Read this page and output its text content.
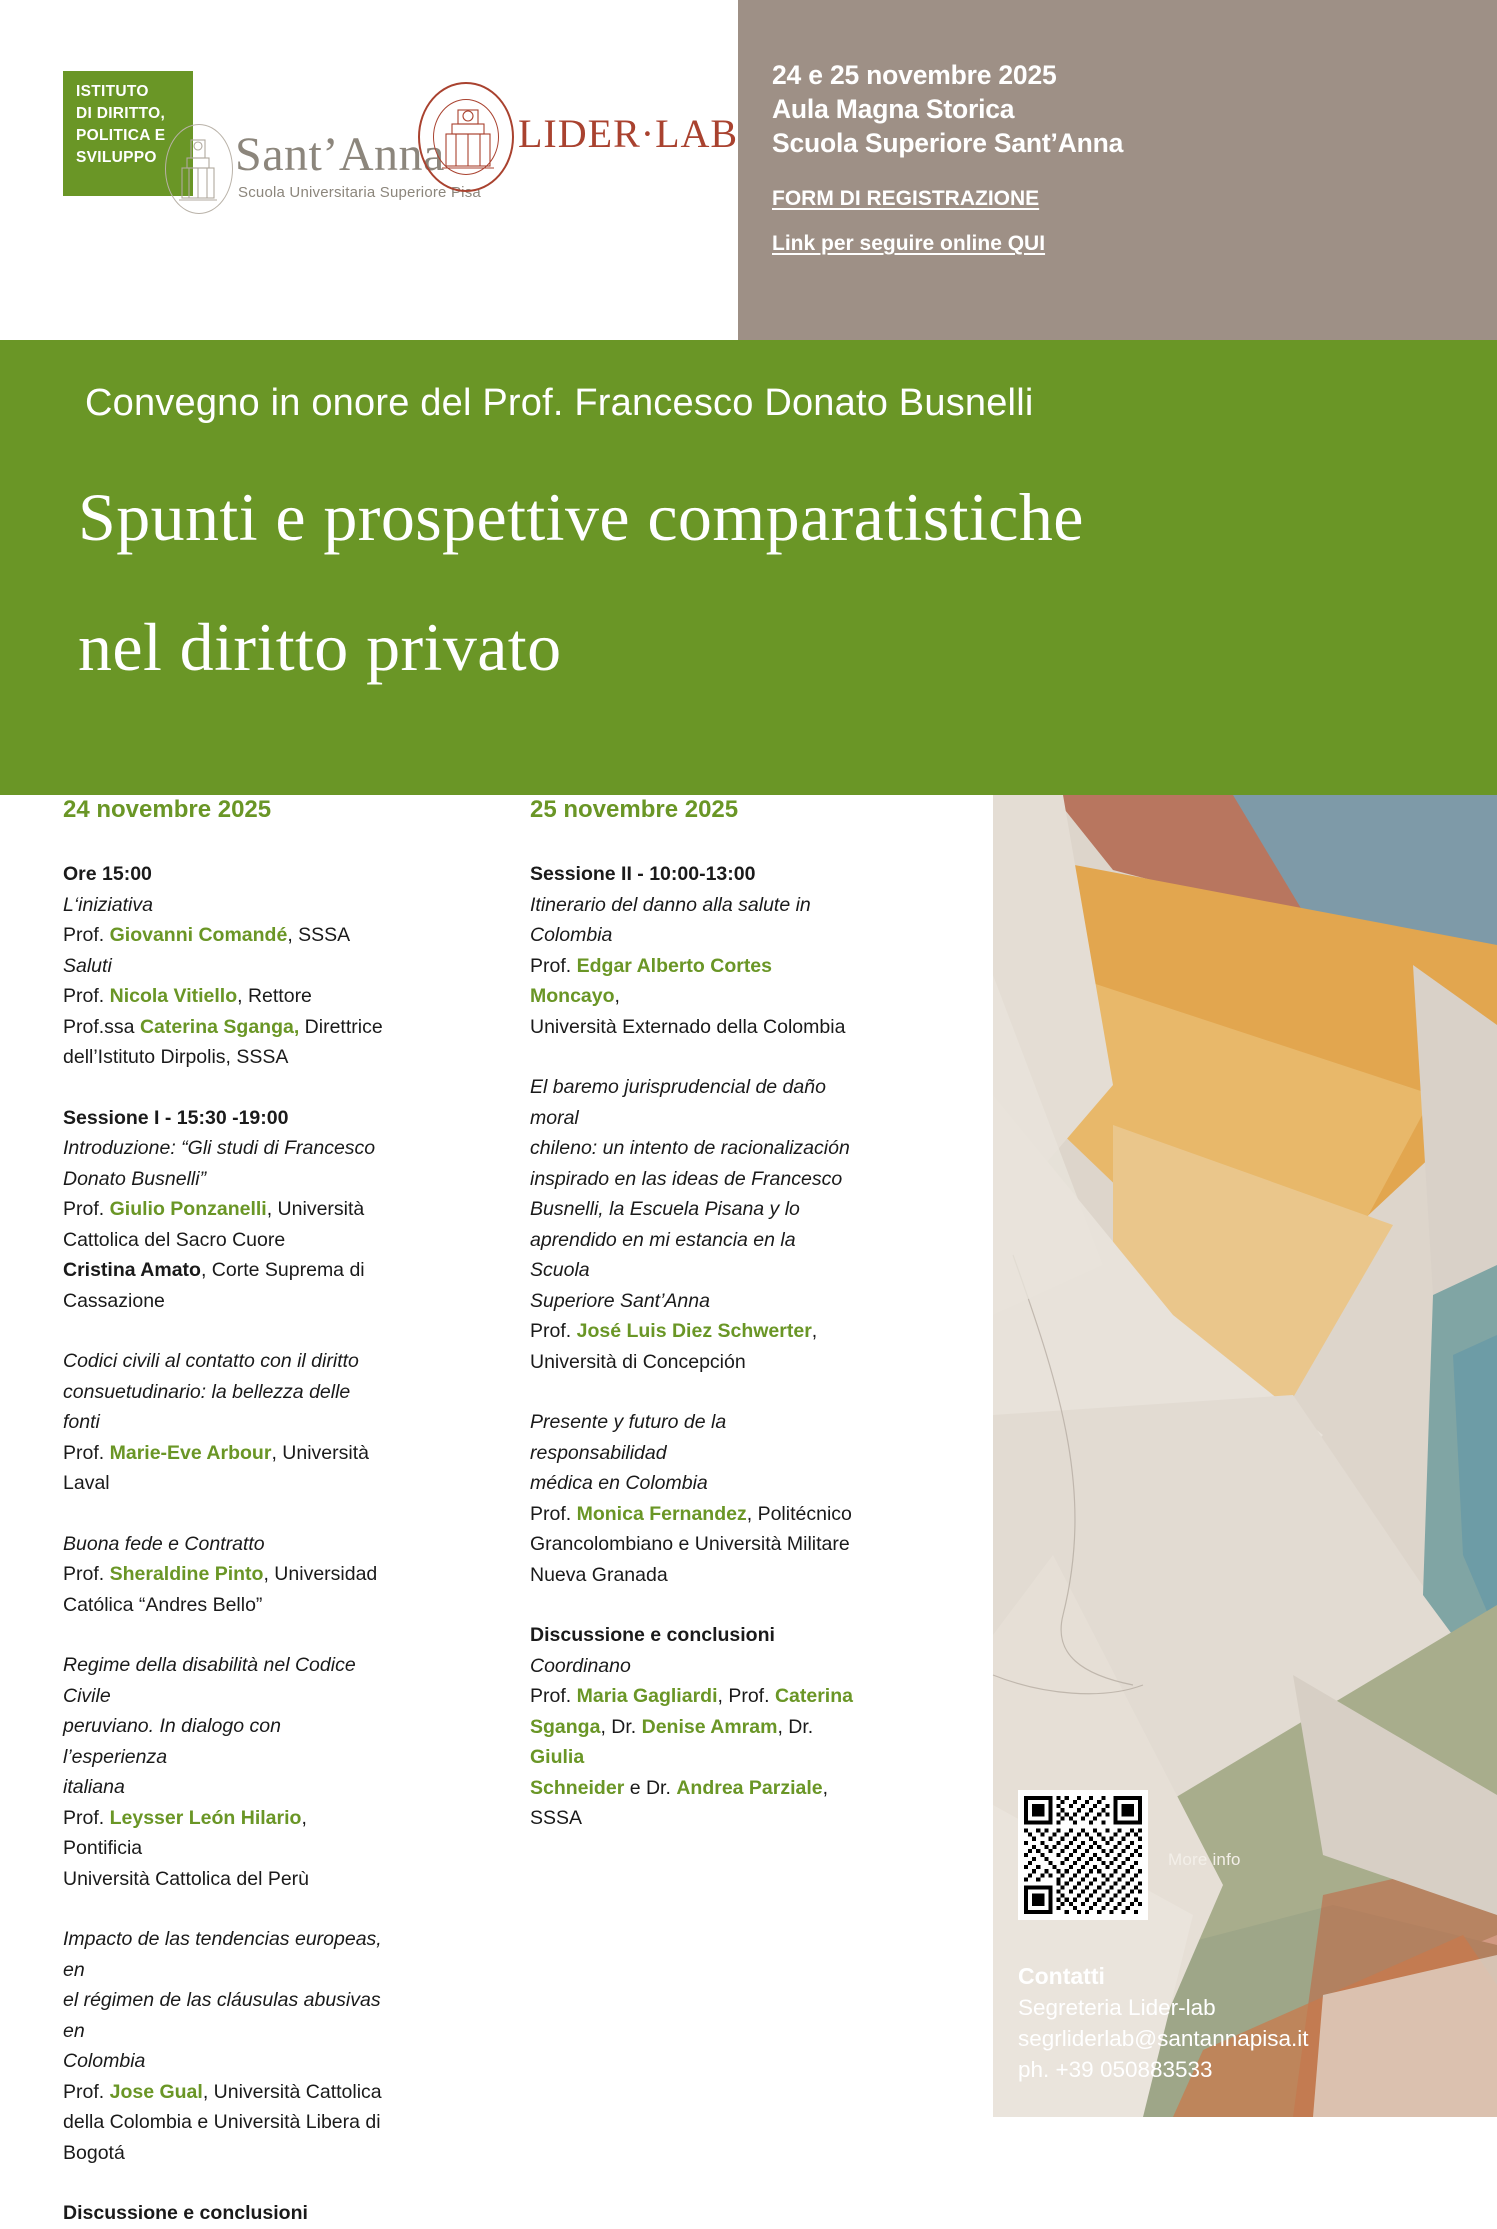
ISTITUTO
DI DIRITTO,
POLITICA E
SVILUPPO	Sant’Anna
Scuola Universitaria Superiore Pisa
LIDER·LAB
24 e 25 novembre 2025
Aula Magna Storica
Scuola Superiore Sant’Anna
FORM DI REGISTRAZIONE
Link per seguire online QUI
Convegno in onore del Prof. Francesco Donato Busnelli
Spunti e prospettive comparatistiche
nel diritto privato
24 novembre 2025
Ore 15:00
L‘iniziativa
Prof. Giovanni Comandé, SSSA
Saluti
Prof. Nicola Vitiello, Rettore
Prof.ssa Caterina Sganga, Direttrice
dell’Istituto Dirpolis, SSSA
Sessione I - 15:30 -19:00
Introduzione: “Gli studi di Francesco
Donato Busnelli”
Prof. Giulio Ponzanelli, Università
Cattolica del Sacro Cuore
Cristina Amato, Corte Suprema di
Cassazione
Codici civili al contatto con il diritto
consuetudinario: la bellezza delle fonti
Prof. Marie-Eve Arbour, Università Laval
Buona fede e Contratto
Prof. Sheraldine Pinto, Universidad
Católica “Andres Bello”
Regime della disabilità nel Codice Civile
peruviano. In dialogo con l’esperienza
italiana
Prof. Leysser León Hilario, Pontificia
Università Cattolica del Perù
Impacto de las tendencias europeas, en
el régimen de las cláusulas abusivas en
Colombia
Prof. Jose Gual, Università Cattolica
della Colombia e Università Libera di
Bogotá
Discussione e conclusioni
25 novembre 2025
Sessione II - 10:00-13:00
Itinerario del danno alla salute in
Colombia
Prof. Edgar Alberto Cortes Moncayo,
Università Externado della Colombia
El baremo jurisprudencial de daño moral
chileno: un intento de racionalización
inspirado en las ideas de Francesco
Busnelli, la Escuela Pisana y lo
aprendido en mi estancia en la Scuola
Superiore Sant’Anna
Prof. José Luis Diez Schwerter,
Università di Concepción
Presente y futuro de la responsabilidad
médica en Colombia
Prof. Monica Fernandez, Politécnico
Grancolombiano e Università Militare
Nueva Granada
Discussione e conclusioni
Coordinano
Prof. Maria Gagliardi, Prof. Caterina
Sganga, Dr. Denise Amram, Dr. Giulia
Schneider e Dr. Andrea Parziale, SSSA
More info
Contatti
Segreteria Lider-lab
segrliderlab@santannapisa.it
ph. +39 050883533
